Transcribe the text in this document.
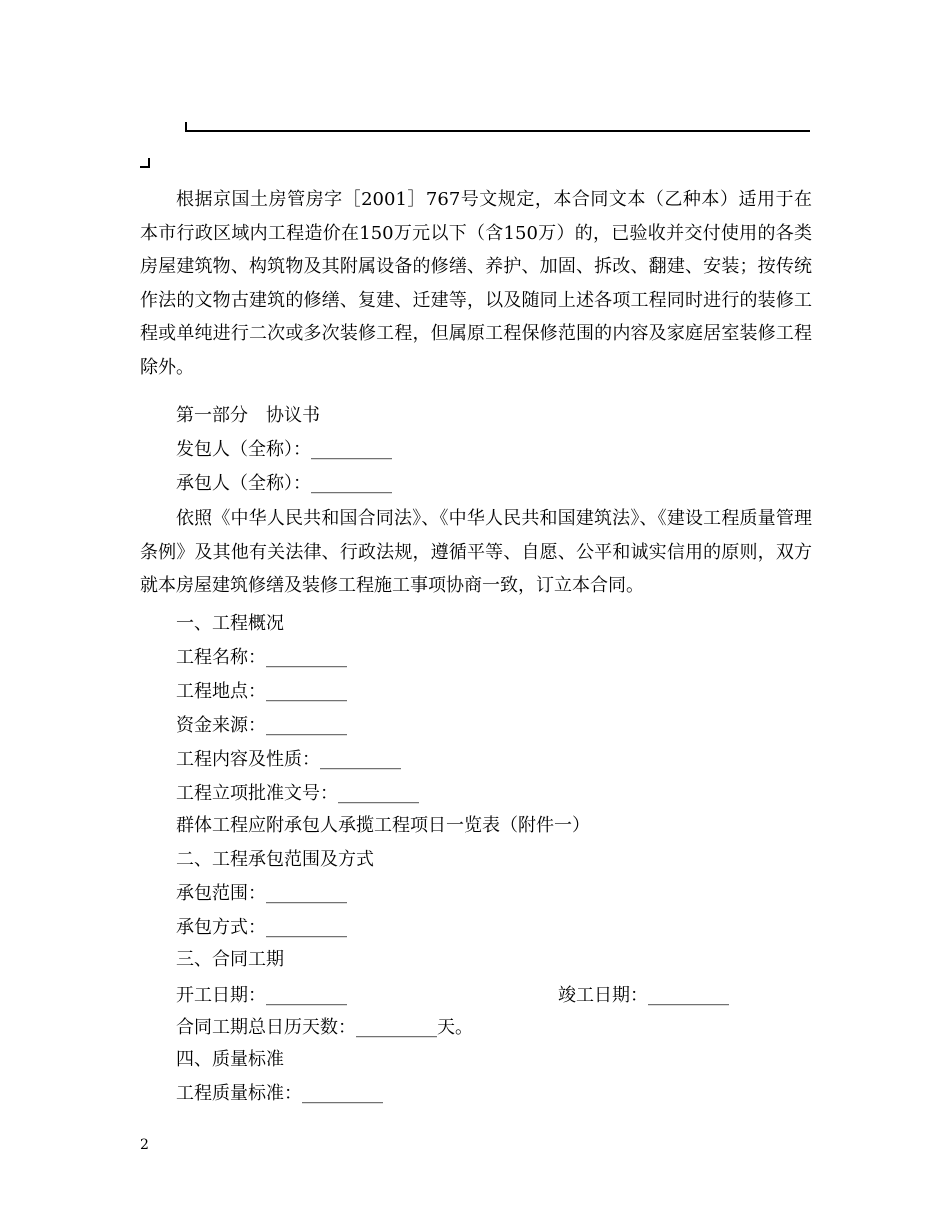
根据京国土房管房字［2001］767号文规定，本合同文本（乙种本）适用于在本市行政区域内工程造价在150万元以下（含150万）的，已验收并交付使用的各类房屋建筑物、构筑物及其附属设备的修缮、养护、加固、拆改、翻建、安装；按传统作法的文物古建筑的修缮、复建、迁建等，以及随同上述各项工程同时进行的装修工程或单纯进行二次或多次装修工程，但属原工程保修范围的内容及家庭居室装修工程除外。

第一部分　协议书
发包人（全称）：_________
承包人（全称）：_________

依照《中华人民共和国合同法》、《中华人民共和国建筑法》、《建设工程质量管理条例》及其他有关法律、行政法规，遵循平等、自愿、公平和诚实信用的原则，双方就本房屋建筑修缮及装修工程施工事项协商一致，订立本合同。

一、工程概况
工程名称：_________
工程地点：_________
资金来源：_________
工程内容及性质：_________
工程立项批准文号：_________
群体工程应附承包人承揽工程项日一览表（附件一）
二、工程承包范围及方式
承包范围：_________
承包方式：_________
三、合同工期
开工日期：_________	竣工日期：_________
合同工期总日历天数：_________天。
四、质量标准
工程质量标准：_________
2
